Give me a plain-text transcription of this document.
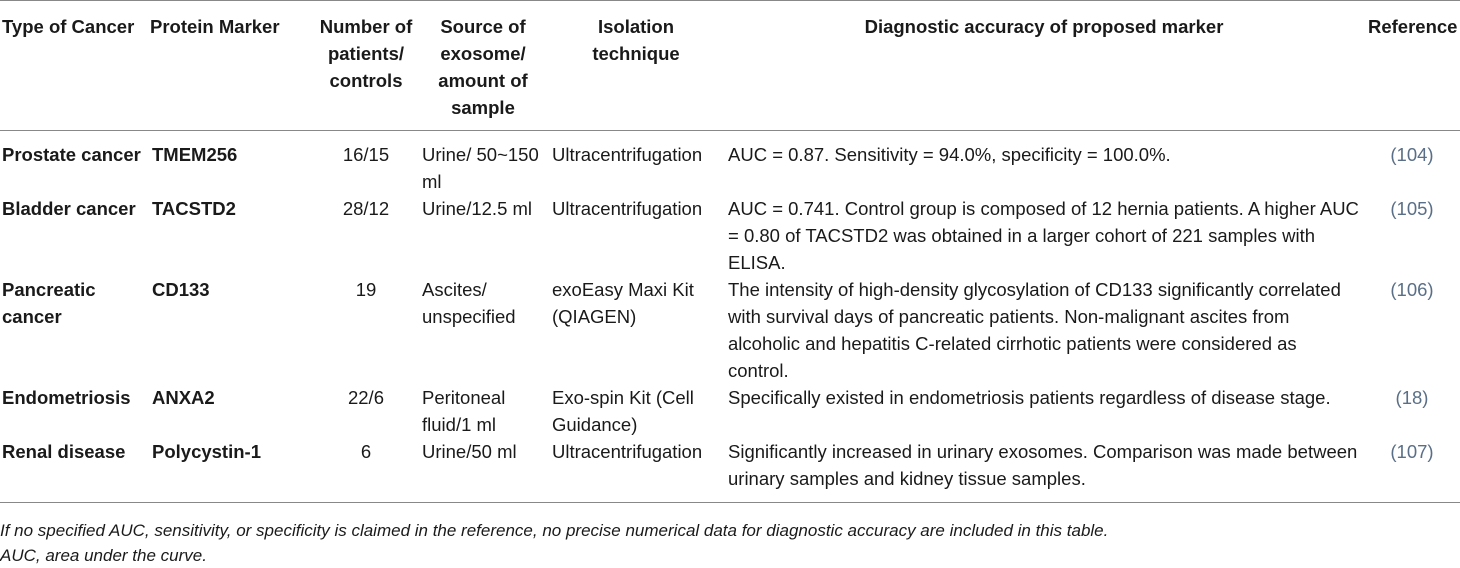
Type of Cancer	Protein Marker	Number of patients/ controls	Source of exosome/ amount of sample	Isolation technique	Diagnostic accuracy of proposed marker	Reference
Prostate cancer	TMEM256	16/15	Urine/ 50~150 ml	Ultracentrifugation	AUC = 0.87. Sensitivity = 94.0%, specificity = 100.0%.	(104)
Bladder cancer	TACSTD2	28/12	Urine/12.5 ml	Ultracentrifugation	AUC = 0.741. Control group is composed of 12 hernia patients. A higher AUC = 0.80 of TACSTD2 was obtained in a larger cohort of 221 samples with ELISA.	(105)
Pancreatic cancer	CD133	19	Ascites/ unspecified	exoEasy Maxi Kit (QIAGEN)	The intensity of high-density glycosylation of CD133 significantly correlated with survival days of pancreatic patients. Non-malignant ascites from alcoholic and hepatitis C-related cirrhotic patients were considered as control.	(106)
Endometriosis	ANXA2	22/6	Peritoneal fluid/1 ml	Exo-spin Kit (Cell Guidance)	Specifically existed in endometriosis patients regardless of disease stage.	(18)
Renal disease	Polycystin-1	6	Urine/50 ml	Ultracentrifugation	Significantly increased in urinary exosomes. Comparison was made between urinary samples and kidney tissue samples.	(107)

If no specified AUC, sensitivity, or specificity is claimed in the reference, no precise numerical data for diagnostic accuracy are included in this table.

AUC, area under the curve.
